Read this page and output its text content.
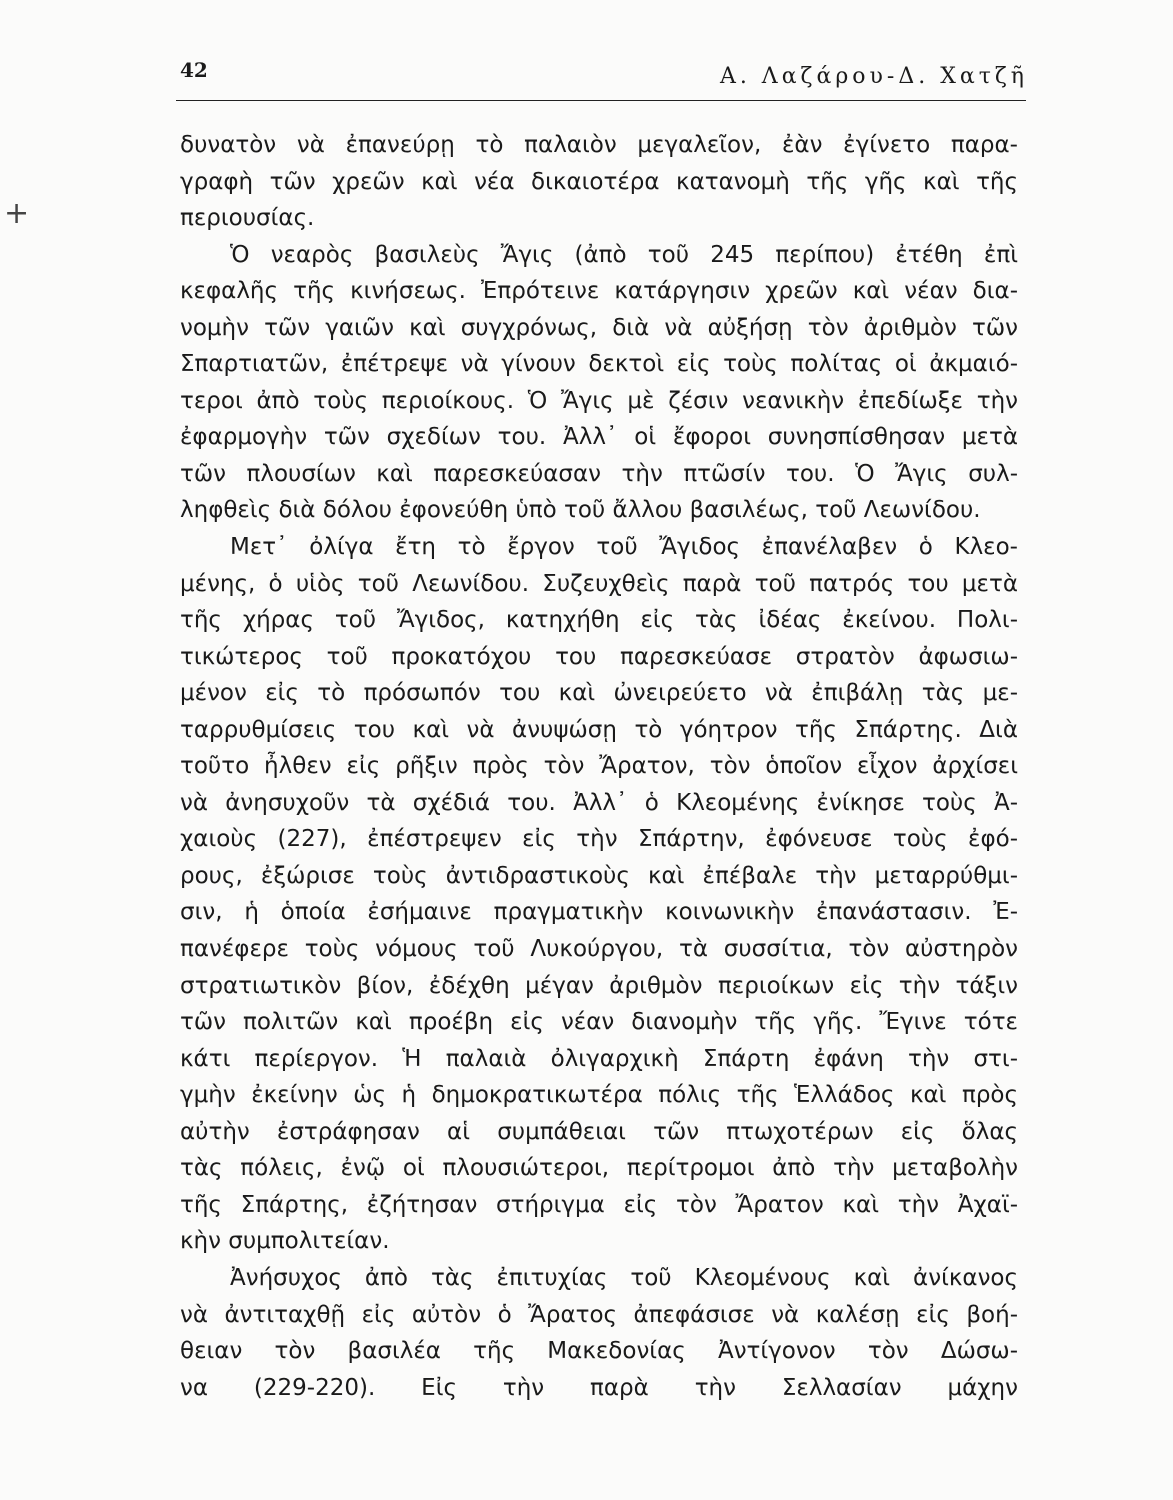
42	Α. Λαζάρου-Δ. Χατζῆ
+
δυνατὸν νὰ ἐπανεύρῃ τὸ παλαιὸν μεγαλεῖον, ἐὰν ἐγίνετο παρα-
γραφὴ τῶν χρεῶν καὶ νέα δικαιοτέρα κατανομὴ τῆς γῆς καὶ τῆς
περιουσίας.
Ὁ νεαρὸς βασιλεὺς Ἄγις (ἀπὸ τοῦ 245 περίπου) ἐτέθη ἐπὶ
κεφαλῆς τῆς κινήσεως. Ἐπρότεινε κατάργησιν χρεῶν καὶ νέαν δια-
νομὴν τῶν γαιῶν καὶ συγχρόνως, διὰ νὰ αὐξήσῃ τὸν ἀριθμὸν τῶν
Σπαρτιατῶν, ἐπέτρεψε νὰ γίνουν δεκτοὶ εἰς τοὺς πολίτας οἱ ἀκμαιό-
τεροι ἀπὸ τοὺς περιοίκους. Ὁ Ἄγις μὲ ζέσιν νεανικὴν ἐπεδίωξε τὴν
ἐφαρμογὴν τῶν σχεδίων του. Ἀλλ᾽ οἱ ἔφοροι συνησπίσθησαν μετὰ
τῶν πλουσίων καὶ παρεσκεύασαν τὴν πτῶσίν του. Ὁ Ἄγις συλ-
ληφθεὶς διὰ δόλου ἐφονεύθη ὑπὸ τοῦ ἄλλου βασιλέως, τοῦ Λεωνίδου.
Μετ᾽ ὀλίγα ἔτη τὸ ἔργον τοῦ Ἄγιδος ἐπανέλαβεν ὁ Κλεο-
μένης, ὁ υἱὸς τοῦ Λεωνίδου. Συζευχθεὶς παρὰ τοῦ πατρός του μετὰ
τῆς χήρας τοῦ Ἄγιδος, κατηχήθη εἰς τὰς ἰδέας ἐκείνου. Πολι-
τικώτερος τοῦ προκατόχου του παρεσκεύασε στρατὸν ἀφωσιω-
μένον εἰς τὸ πρόσωπόν του καὶ ὠνειρεύετο νὰ ἐπιβάλῃ τὰς με-
ταρρυθμίσεις του καὶ νὰ ἀνυψώσῃ τὸ γόητρον τῆς Σπάρτης. Διὰ
τοῦτο ἦλθεν εἰς ρῆξιν πρὸς τὸν Ἄρατον, τὸν ὁποῖον εἶχον ἀρχίσει
νὰ ἀνησυχοῦν τὰ σχέδιά του. Ἀλλ᾽ ὁ Κλεομένης ἐνίκησε τοὺς Ἀ-
χαιοὺς (227), ἐπέστρεψεν εἰς τὴν Σπάρτην, ἐφόνευσε τοὺς ἐφό-
ρους, ἐξώρισε τοὺς ἀντιδραστικοὺς καὶ ἐπέβαλε τὴν μεταρρύθμι-
σιν, ἡ ὁποία ἐσήμαινε πραγματικὴν κοινωνικὴν ἐπανάστασιν. Ἐ-
πανέφερε τοὺς νόμους τοῦ Λυκούργου, τὰ συσσίτια, τὸν αὐστηρὸν
στρατιωτικὸν βίον, ἐδέχθη μέγαν ἀριθμὸν περιοίκων εἰς τὴν τάξιν
τῶν πολιτῶν καὶ προέβη εἰς νέαν διανομὴν τῆς γῆς. Ἔγινε τότε
κάτι περίεργον. Ἡ παλαιὰ ὀλιγαρχικὴ Σπάρτη ἐφάνη τὴν στι-
γμὴν ἐκείνην ὡς ἡ δημοκρατικωτέρα πόλις τῆς Ἑλλάδος καὶ πρὸς
αὐτὴν ἐστράφησαν αἱ συμπάθειαι τῶν πτωχοτέρων εἰς ὅλας
τὰς πόλεις, ἐνῷ οἱ πλουσιώτεροι, περίτρομοι ἀπὸ τὴν μεταβολὴν
τῆς Σπάρτης, ἐζήτησαν στήριγμα εἰς τὸν Ἄρατον καὶ τὴν Ἀχαϊ-
κὴν συμπολιτείαν.
Ἀνήσυχος ἀπὸ τὰς ἐπιτυχίας τοῦ Κλεομένους καὶ ἀνίκανος
νὰ ἀντιταχθῇ εἰς αὐτὸν ὁ Ἄρατος ἀπεφάσισε νὰ καλέσῃ εἰς βοή-
θειαν τὸν βασιλέα τῆς Μακεδονίας Ἀντίγονον τὸν Δώσω-
να (229-220). Εἰς τὴν παρὰ τὴν Σελλασίαν μάχην
